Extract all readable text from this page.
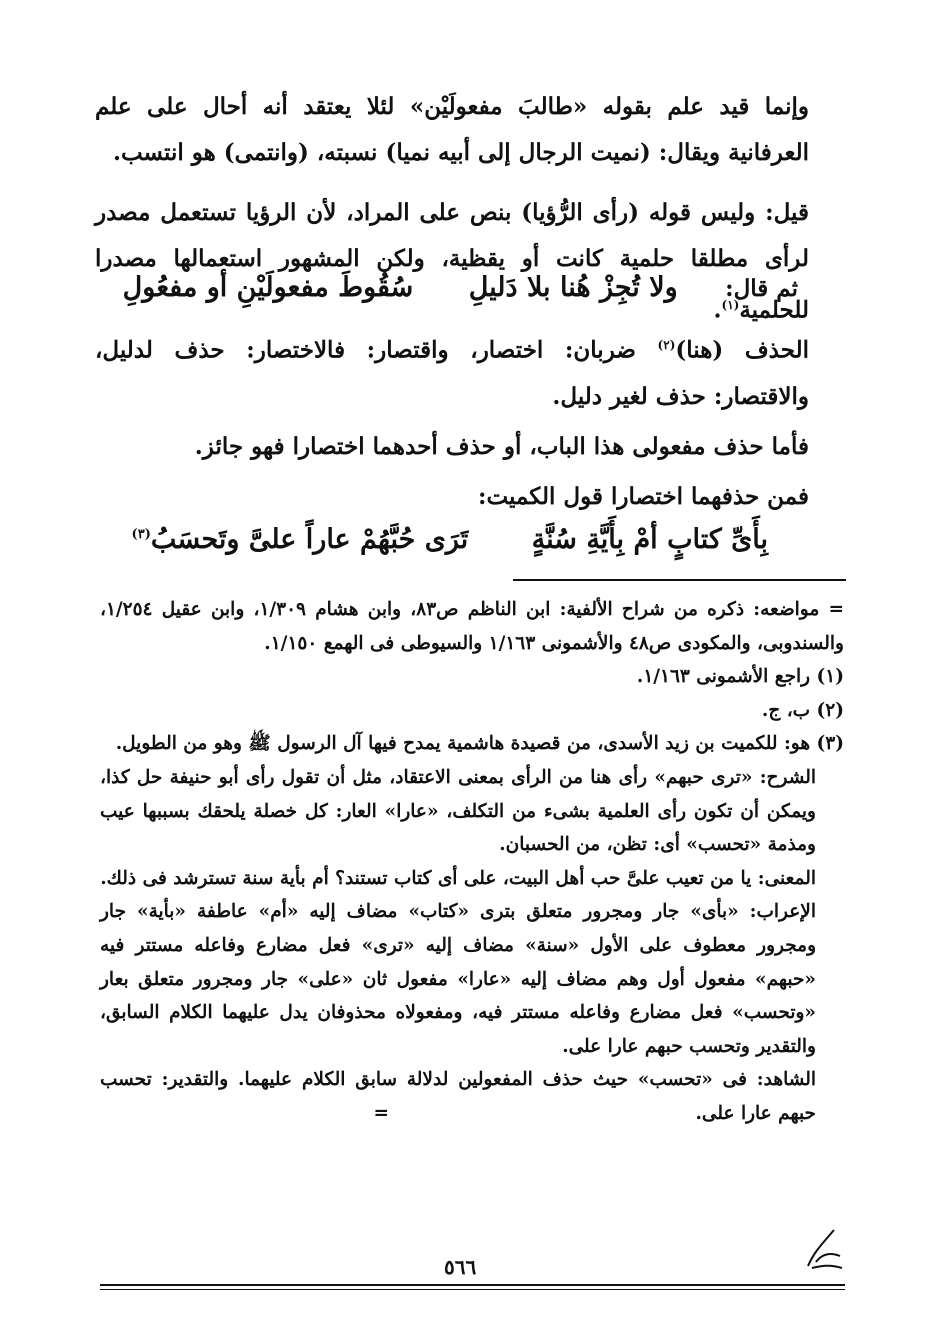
وإنما قيد علم بقوله «طالبَ مفعولَيْن» لئلا يعتقد أنه أحال على علم العرفانية ويقال: (نميت الرجال إلى أبيه نميا) نسبته، (وانتمى) هو انتسب.

قيل: وليس قوله (رأى الرُّؤيا) بنص على المراد، لأن الرؤيا تستعمل مصدر لرأى مطلقا حلمية كانت أو يقظية، ولكن المشهور استعمالها مصدرا للحلمية$^{(١)}$.

ثم قال: ولا تُجِزْ هُنا بلا دَليلِ سُقُوطَ مفعولَيْنِ أو مفعُولِ

الحذف (هنا)$^{(٢)}$ ضربان: اختصار، واقتصار: فالاختصار: حذف لدليل، والاقتصار: حذف لغير دليل.

فأما حذف مفعولى هذا الباب، أو حذف أحدهما اختصارا فهو جائز.

فمن حذفهما اختصارا قول الكميت:

بِأَىِّ كتابٍ أمْ بِأَيَّةِ سُنَّةٍ تَرَى حُبَّهُمْ عاراً علىَّ وتَحسَبُ$^{(٣)}$

= مواضعه: ذكره من شراح الألفية: ابن الناظم ص٨٣، وابن هشام ١/٣٠٩، وابن عقيل ١/٢٥٤، والسندوبى، والمكودى ص٤٨ والأشمونى ١/١٦٣ والسيوطى فى الهمع ١/١٥٠.

(١) راجع الأشمونى ١/١٦٣.

(٢) ب، ج.

(٣) هو: للكميت بن زيد الأسدى، من قصيدة هاشمية يمدح فيها آل الرسول ﷺ وهو من الطويل.

الشرح: «ترى حبهم» رأى هنا من الرأى بمعنى الاعتقاد، مثل أن تقول رأى أبو حنيفة حل كذا، ويمكن أن تكون رأى العلمية بشىء من التكلف، «عارا» العار: كل خصلة يلحقك بسببها عيب ومذمة «تحسب» أى: تظن، من الحسبان.

المعنى: يا من تعيب علىَّ حب أهل البيت، على أى كتاب تستند؟ أم بأية سنة تسترشد فى ذلك.

الإعراب: «بأى» جار ومجرور متعلق بترى «كتاب» مضاف إليه «أم» عاطفة «بأية» جار ومجرور معطوف على الأول «سنة» مضاف إليه «ترى» فعل مضارع وفاعله مستتر فيه «حبهم» مفعول أول وهم مضاف إليه «عارا» مفعول ثان «على» جار ومجرور متعلق بعار «وتحسب» فعل مضارع وفاعله مستتر فيه، ومفعولاه محذوفان يدل عليهما الكلام السابق، والتقدير وتحسب حبهم عارا على.

الشاهد: فى «تحسب» حيث حذف المفعولين لدلالة سابق الكلام عليهما. والتقدير: تحسب حبهم عارا على. =

٥٦٦
